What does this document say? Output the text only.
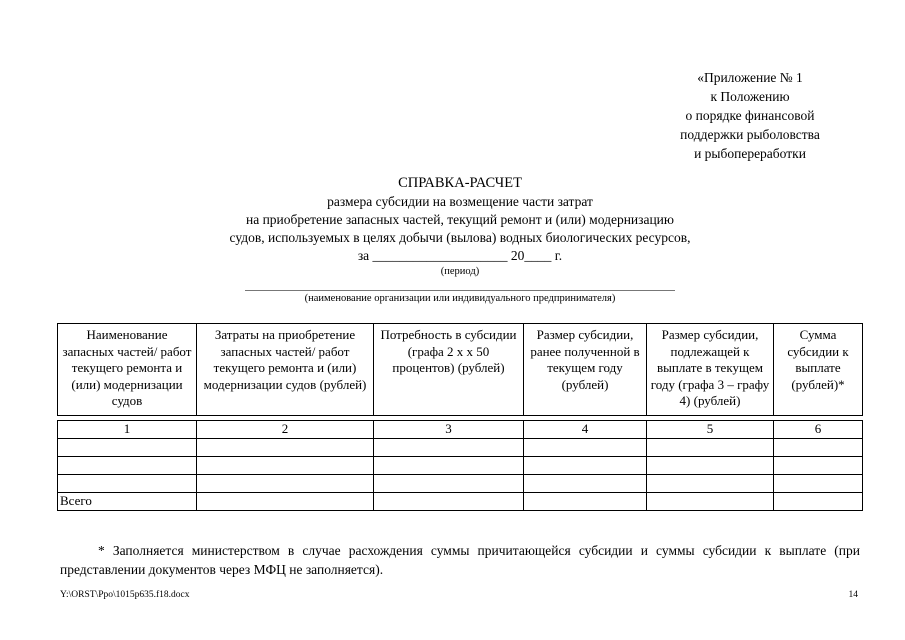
«Приложение № 1
к Положению
о порядке финансовой
поддержки рыболовства
и рыбопереработки
СПРАВКА-РАСЧЕТ
размера субсидии на возмещение части затрат
на приобретение запасных частей, текущий ремонт и (или) модернизацию
судов, используемых в целях добычи (вылова) водных биологических ресурсов,
за ____________________ 20____ г.
(период)
(наименование организации или индивидуального предпринимателя)
Наименование запасных частей/ работ текущего ремонта и (или) модернизации судов	Затраты на приобретение запасных частей/ работ текущего ремонта и (или) модернизации судов (рублей)	Потребность в субсидии (графа 2 x х 50 процентов) (рублей)	Размер субсидии, ранее полученной в текущем году (рублей)	Размер субсидии, подлежащей к выплате в текущем году (графа 3 – графу 4) (рублей)	Сумма субсидии к выплате (рублей)*

1	2	3	4	5	6

Всего					
* Заполняется министерством в случае расхождения суммы причитающейся субсидии и суммы субсидии к выплате (при представлении документов через МФЦ не заполняется).
Y:\ORST\Ppo\1015p635.f18.docx	14
